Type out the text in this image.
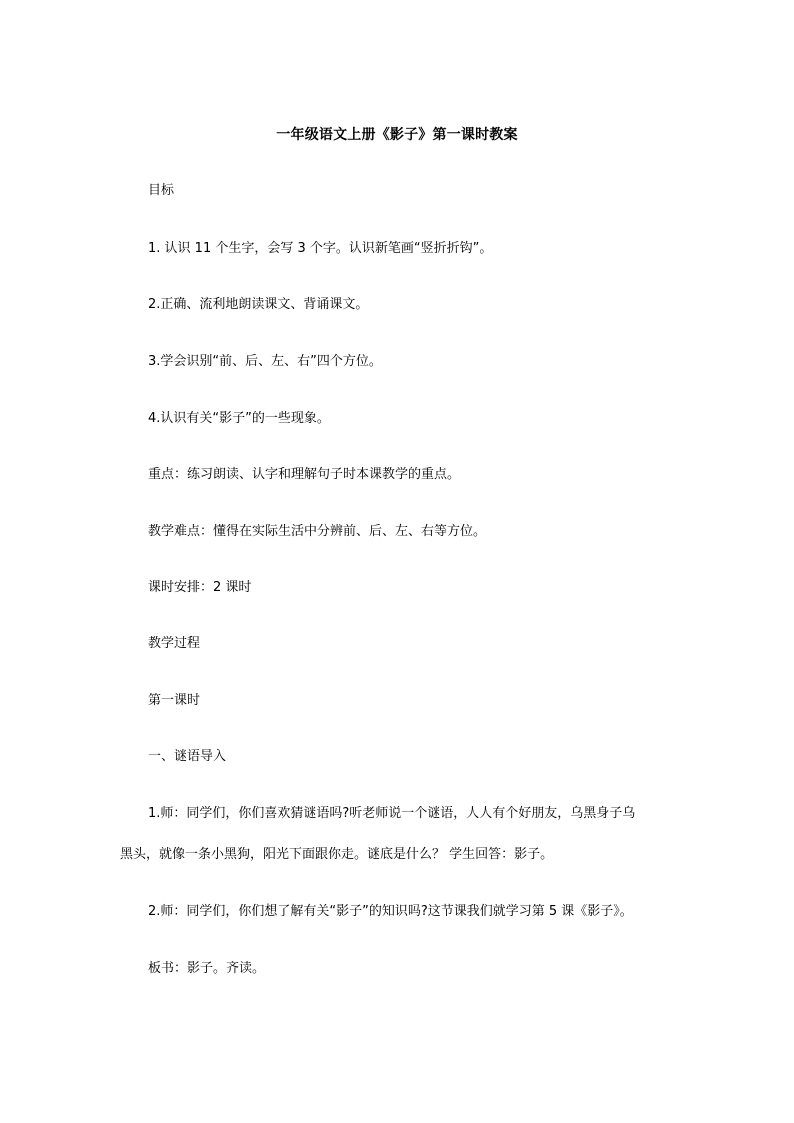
一年级语文上册《影子》第一课时教案
目标
1. 认识 11 个生字，会写 3 个字。认识新笔画“竖折折钩”。
2.正确、流利地朗读课文、背诵课文。
3.学会识别“前、后、左、右”四个方位。
4.认识有关“影子”的一些现象。
重点：练习朗读、认字和理解句子时本课教学的重点。
教学难点：懂得在实际生活中分辨前、后、左、右等方位。
课时安排：2 课时
教学过程
第一课时
一、谜语导入
1.师：同学们，你们喜欢猜谜语吗?听老师说一个谜语，人人有个好朋友，乌黑身子乌
黑头，就像一条小黑狗，阳光下面跟你走。谜底是什么？ 学生回答：影子。
2.师：同学们，你们想了解有关“影子”的知识吗?这节课我们就学习第 5 课《影子》。
板书：影子。齐读。
